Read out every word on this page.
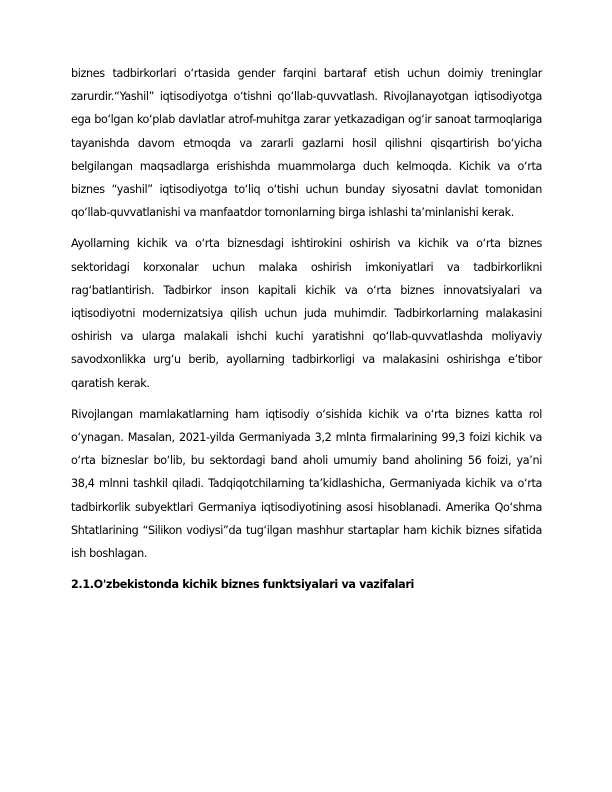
biznes tadbirkorlari o‘rtasida gender farqini bartaraf etish uchun doimiy treninglar zarurdir.“Yashil” iqtisodiyotga o‘tishni qo‘llab-quvvatlash. Rivojlanayotgan iqtisodiyotga ega bo‘lgan ko‘plab davlatlar atrof-muhitga zarar yetkazadigan og‘ir sanoat tarmoqlariga tayanishda davom etmoqda va zararli gazlarni hosil qilishni qisqartirish bo‘yicha belgilangan maqsadlarga erishishda muammolarga duch kelmoqda. Kichik va o‘rta biznes “yashil” iqtisodiyotga to‘liq o‘tishi uchun bunday siyosatni davlat tomonidan qo‘llab-quvvatlanishi va manfaatdor tomonlarning birga ishlashi ta’minlanishi kerak.

Ayollarning kichik va o‘rta biznesdagi ishtirokini oshirish va kichik va o‘rta biznes sektoridagi korxonalar uchun malaka oshirish imkoniyatlari va tadbirkorlikni rag‘batlantirish. Tadbirkor inson kapitali kichik va o‘rta biznes innovatsiyalari va iqtisodiyotni modernizatsiya qilish uchun juda muhimdir. Tadbirkorlarning malakasini oshirish va ularga malakali ishchi kuchi yaratishni qo‘llab-quvvatlashda moliyaviy savodxonlikka urg‘u berib, ayollarning tadbirkorligi va malakasini oshirishga e’tibor qaratish kerak.

Rivojlangan mamlakatlarning ham iqtisodiy o‘sishida kichik va o‘rta biznes katta rol o‘ynagan. Masalan, 2021-yilda Germaniyada 3,2 mlnta firmalarining 99,3 foizi kichik va o‘rta bizneslar bo‘lib, bu sektordagi band aholi umumiy band aholining 56 foizi, ya’ni 38,4 mlnni tashkil qiladi. Tadqiqotchilarning ta’kidlashicha, Germaniyada kichik va o‘rta tadbirkorlik subyektlari Germaniya iqtisodiyotining asosi hisoblanadi. Amerika Qo‘shma Shtatlarining “Silikon vodiysi”da tug‘ilgan mashhur startaplar ham kichik biznes sifatida ish boshlagan.

2.1.O'zbekistonda kichik biznes funktsiyalari va vazifalari
